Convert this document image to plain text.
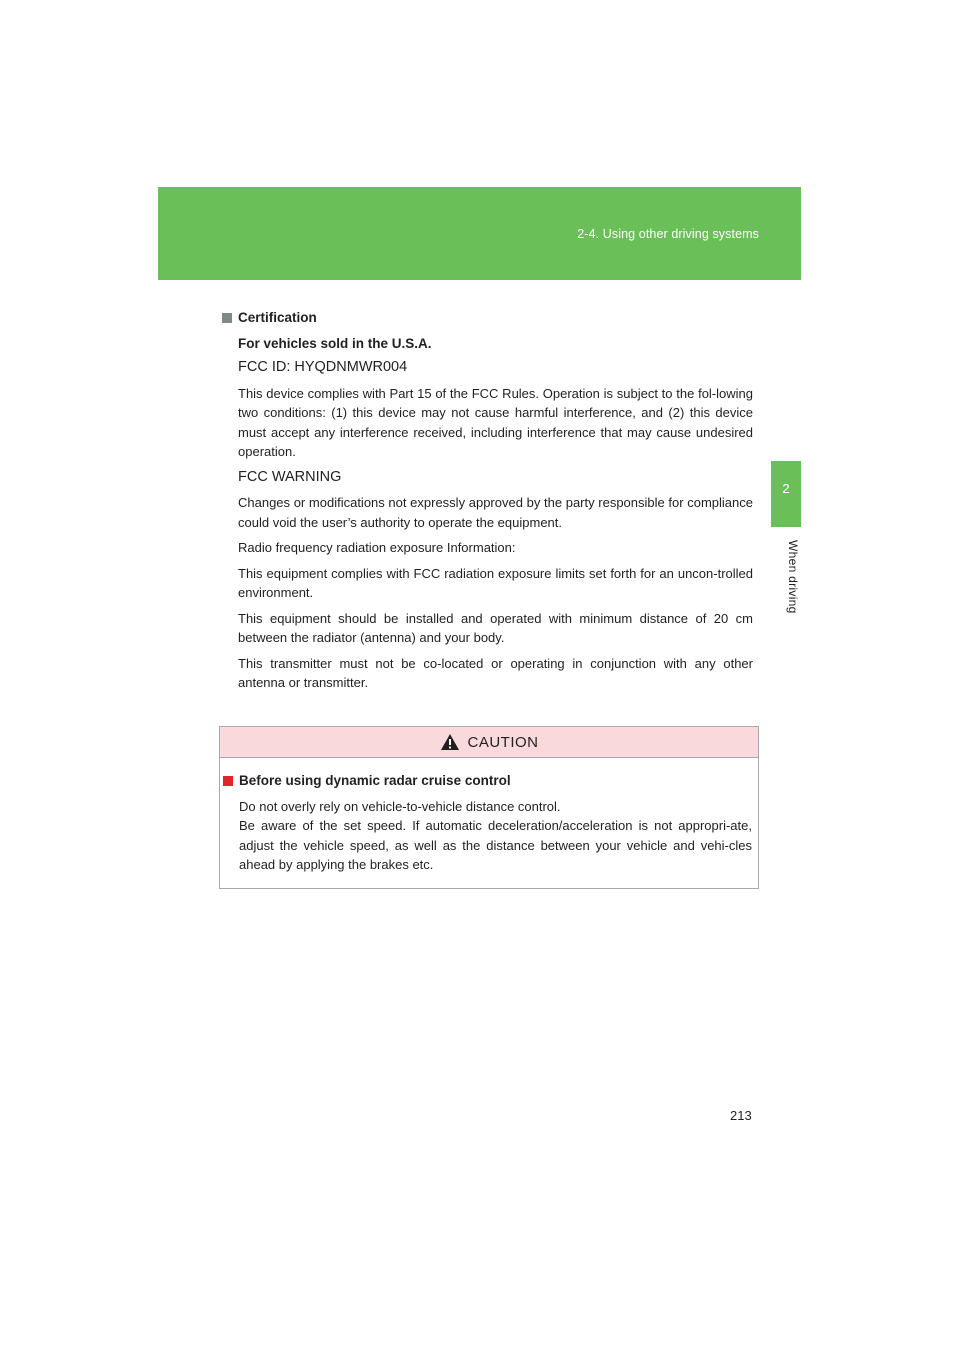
2-4. Using other driving systems
2
When driving
Certification
For vehicles sold in the U.S.A.
FCC ID: HYQDNMWR004
This device complies with Part 15 of the FCC Rules. Operation is subject to the fol-lowing two conditions: (1) this device may not cause harmful interference, and (2) this device must accept any interference received, including interference that may cause undesired operation.
FCC WARNING
Changes or modifications not expressly approved by the party responsible for compliance could void the user’s authority to operate the equipment.
Radio frequency radiation exposure Information:
This equipment complies with FCC radiation exposure limits set forth for an uncon-trolled environment.
This equipment should be installed and operated with minimum distance of 20 cm between the radiator (antenna) and your body.
This transmitter must not be co-located or operating in conjunction with any other antenna or transmitter.
CAUTION
Before using dynamic radar cruise control
Do not overly rely on vehicle-to-vehicle distance control.
Be aware of the set speed. If automatic deceleration/acceleration is not appropri-ate, adjust the vehicle speed, as well as the distance between your vehicle and vehi-cles ahead by applying the brakes etc.
213
